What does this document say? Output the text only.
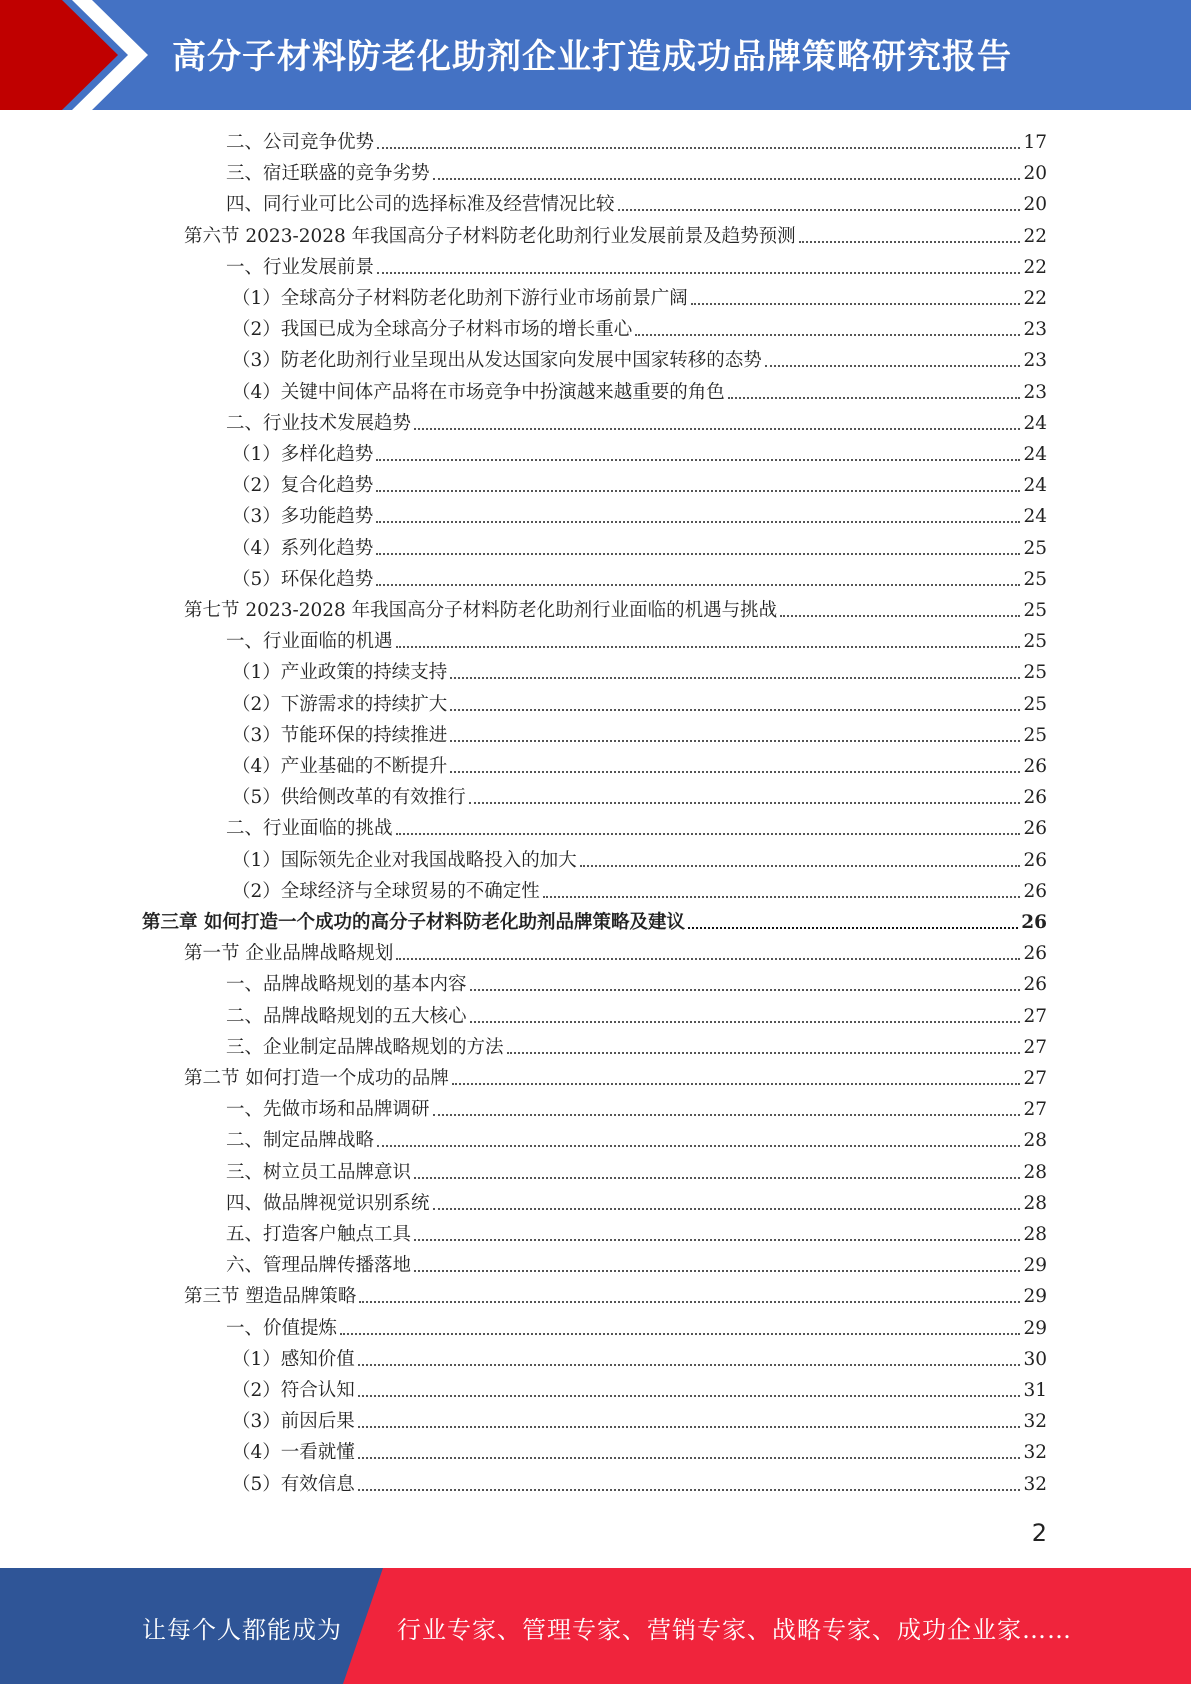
高分子材料防老化助剂企业打造成功品牌策略研究报告
二、公司竞争优势	17
三、宿迁联盛的竞争劣势	20
四、同行业可比公司的选择标准及经营情况比较	20
第六节 2023-2028 年我国高分子材料防老化助剂行业发展前景及趋势预测	22
一、行业发展前景	22
（1）全球高分子材料防老化助剂下游行业市场前景广阔	22
（2）我国已成为全球高分子材料市场的增长重心	23
（3）防老化助剂行业呈现出从发达国家向发展中国家转移的态势	23
（4）关键中间体产品将在市场竞争中扮演越来越重要的角色	23
二、行业技术发展趋势	24
（1）多样化趋势	24
（2）复合化趋势	24
（3）多功能趋势	24
（4）系列化趋势	25
（5）环保化趋势	25
第七节 2023-2028 年我国高分子材料防老化助剂行业面临的机遇与挑战	25
一、行业面临的机遇	25
（1）产业政策的持续支持	25
（2）下游需求的持续扩大	25
（3）节能环保的持续推进	25
（4）产业基础的不断提升	26
（5）供给侧改革的有效推行	26
二、行业面临的挑战	26
（1）国际领先企业对我国战略投入的加大	26
（2）全球经济与全球贸易的不确定性	26
第三章 如何打造一个成功的高分子材料防老化助剂品牌策略及建议	26
第一节 企业品牌战略规划	26
一、品牌战略规划的基本内容	26
二、品牌战略规划的五大核心	27
三、企业制定品牌战略规划的方法	27
第二节 如何打造一个成功的品牌	27
一、先做市场和品牌调研	27
二、制定品牌战略	28
三、树立员工品牌意识	28
四、做品牌视觉识别系统	28
五、打造客户触点工具	28
六、管理品牌传播落地	29
第三节 塑造品牌策略	29
一、价值提炼	29
（1）感知价值	30
（2）符合认知	31
（3）前因后果	32
（4）一看就懂	32
（5）有效信息	32
2
让每个人都能成为 行业专家、管理专家、营销专家、战略专家、成功企业家……
